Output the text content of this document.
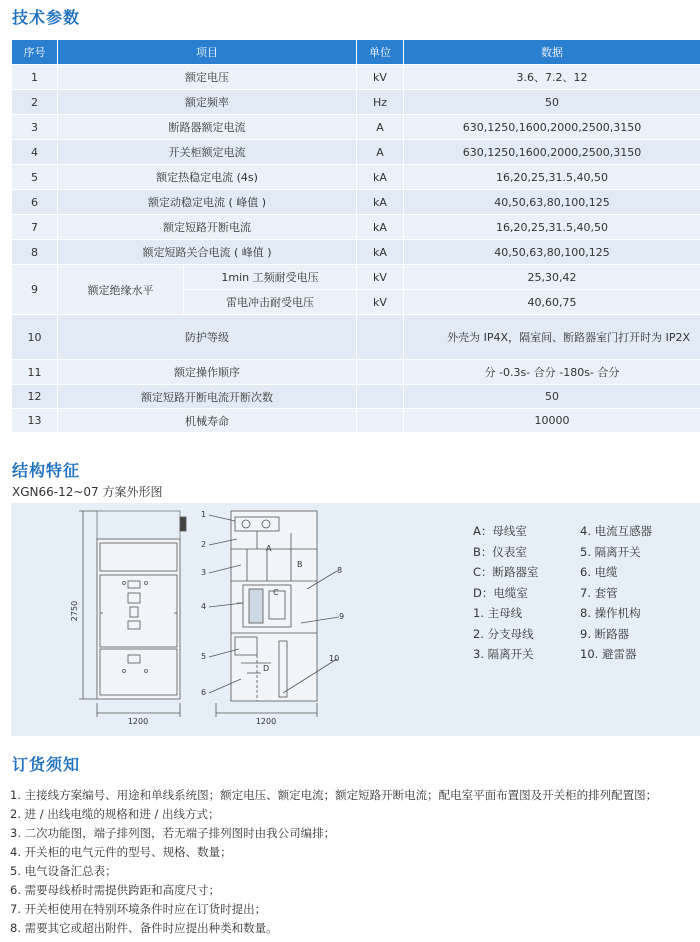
技术参数
序号	项目		单位	数据
1	额定电压		kV	3.6、7.2、12
2	额定频率		Hz	50
3	断路器额定电流		A	630,1250,1600,2000,2500,3150
4	开关柜额定电流		A	630,1250,1600,2000,2500,3150
5	额定热稳定电流 (4s)		kA	16,20,25,31.5,40,50
6	额定动稳定电流 ( 峰值 )		kA	40,50,63,80,100,125
7	额定短路开断电流		kA	16,20,25,31.5,40,50
8	额定短路关合电流 ( 峰值 )		kA	40,50,63,80,100,125
9	额定绝缘水平	1min 工频耐受电压	kV	25,30,42
		雷电冲击耐受电压	kV	40,60,75
10	防护等级			外壳为 IP4X，隔室间、断路器室门打开时为 IP2X
11	额定操作顺序			分 -0.3s- 合分 -180s- 合分
12	额定短路开断电流开断次数			50
13	机械寿命			10000
结构特征
XGN66-12~07 方案外形图
2750
1200	1200
A
B
C
D
1
2
3
4
5
6
8
9
10
A：母线室	4. 电流互感器
B：仪表室	5. 隔离开关
C：断路器室	6. 电缆
D：电缆室	7. 套管
1. 主母线	8. 操作机构
2. 分支母线	9. 断路器
3. 隔离开关	10. 避雷器
订货须知
1. 主接线方案编号、用途和单线系统图；额定电压、额定电流；额定短路开断电流；配电室平面布置图及开关柜的排列配置图；
2. 进 / 出线电缆的规格和进 / 出线方式；
3. 二次功能图，端子排列图，若无端子排列图时由我公司编排；
4. 开关柜的电气元件的型号、规格、数量；
5. 电气设备汇总表；
6. 需要母线桥时需提供跨距和高度尺寸；
7. 开关柜使用在特别环境条件时应在订货时提出；
8. 需要其它或超出附件、备件时应提出种类和数量。
